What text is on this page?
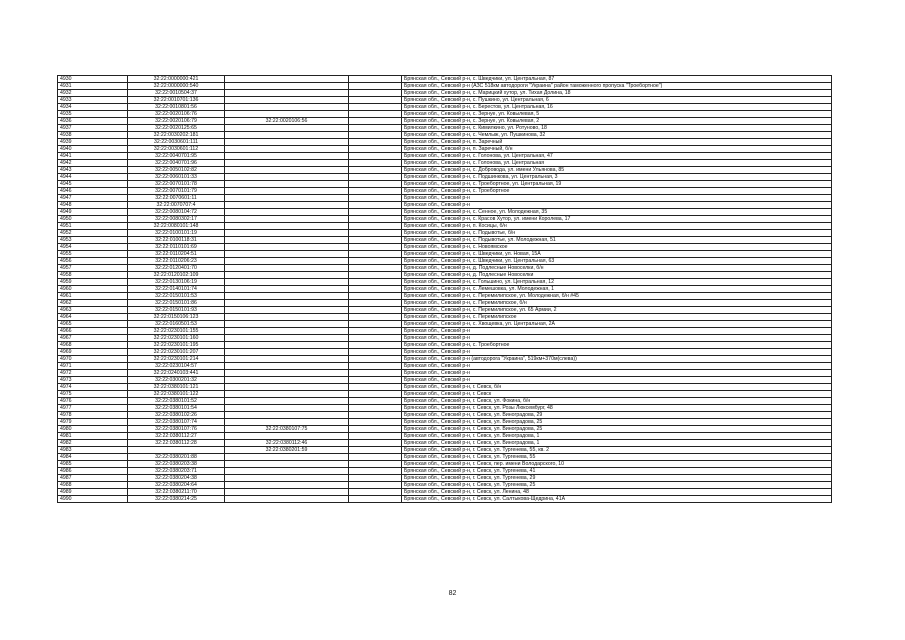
4930	32:22:0000000:421			Брянская обл., Севский р-н, с. Шведчики, ул. Центральная, 87
4931	32:22:0000000:540			Брянская обл., Севский р-н (АЗС 518км автодороги "Украина" район таможенного пропуска "Троебортное")
4932	32:22:0010504:37			Брянская обл., Севский р-н, с. Марицкий хутор, ул. Тихая Долина, 18
4933	32:22:0010701:136			Брянская обл., Севский р-н, с. Пушкино, ул. Центральная, 6
4934	32:22:0010801:56			Брянская обл., Севский р-н, с. Берестов, ул. Центральная, 16
4935	32:22:0020106:76			Брянская обл., Севский р-н, с. Зернуе, ул. Ковылевая, 5
4936	32:22:0020106:79	32:22:0020106:56		Брянская обл., Севский р-н, с. Зернуе, ул. Ковылевая, 2
4937	32:22:0020125:65			Брянская обл., Севский р-н, с. Кимилкино, ул. Ротуново, 18
4938	32:22:0030202:181			Брянская обл., Севский р-н, с. Чемлыж, ул. Пушкинова, 32
4939	32:22:0030601:111			Брянская обл., Севский р-н, п. Заречный
4940	32:22:0030601:112			Брянская обл., Севский р-н, п. Заречный, б/н
4941	32:22:0040701:95			Брянская обл., Севский р-н, с. Голонова, ул. Центральная, 47
4942	32:22:0040701:96			Брянская обл., Севский р-н, с. Голонова, ул. Центральная
4943	32:22:0050102:82			Брянская обл., Севский р-н, с. Добровода, ул. имени Ульянова, 85
4944	32:22:0060101:33			Брянская обл., Севский р-н, с. Подшинкова, ул. Центральная, 3
4945	32:22:0070101:78			Брянская обл., Севский р-н, с. Троебортное, ул. Центральная, 19
4946	32:22:0070101:79			Брянская обл., Севский р-н, с. Троебортное
4947	32:22:0070601:11			Брянская обл., Севский р-н
4948	32:22:0070707:4			Брянская обл., Севский р-н
4949	32:22:0080104:72			Брянская обл., Севский р-н, с. Сенное, ул. Молодежная, 35
4950	32:22:0080302:17			Брянская обл., Севский р-н, с. Красов Хутор, ул. имени Королева, 17
4951	32:22:0080101:148			Брянская обл., Севский р-н, п. Косицы, б/н
4952	32:22:0100101:19			Брянская обл., Севский р-н, с. Подывотье, б/н
4953	32:22:0100118:31			Брянская обл., Севский р-н, с. Подывотье, ул. Молодежная, 51
4954	32:22:0110101:69			Брянская обл., Севский р-н, с. Новоямское
4955	32:22:0110204:51			Брянская обл., Севский р-н, с. Шведчики, ул. Новая, 15А
4956	32:22:0110206:23			Брянская обл., Севский р-н, с. Шведчики, ул. Центральная, 63
4957	32:22:0120401:70			Брянская обл., Севский р-н, д. Подлесные Новоселки, б/н
4958	32:22:0120102:109			Брянская обл., Севский р-н, д. Подлесные Новоселки
4959	32:22:0130106:19			Брянская обл., Севский р-н, с. Гольшино, ул. Центральная, 12
4960	32:22:0140101:74			Брянская обл., Севский р-н, с. Лемешовка, ул. Молодежная, 1
4961	32:22:0150101:53			Брянская обл., Севский р-н, с. Перемилипское, ул. Молодежная, б/н #45
4962	32:22:0150101:86			Брянская обл., Севский р-н, с. Перемилипское, б/н
4963	32:22:0150101:93			Брянская обл., Севский р-н, с. Перемилипское, ул. 65 Армии, 2
4964	32:22:0150106:123			Брянская обл., Севский р-н, с. Перемилипское
4965	32:22:0160501:53			Брянская обл., Севский р-н, с. Хвощевка, ул. Центральная, 2А
4966	32:22:0230101:155			Брянская обл., Севский р-н
4967	32:22:0230101:160			Брянская обл., Севский р-н
4968	32:22:0230101:195			Брянская обл., Севский р-н, с. Троебортное
4969	32:22:0230101:207			Брянская обл., Севский р-н
4970	32:22:0230101:214			Брянская обл., Севский р-н (автодорога "Украина", 519км+370м(слева))
4971	32:22:0230104:57			Брянская обл., Севский р-н
4972	32:22:0240103:441			Брянская обл., Севский р-н
4973	32:22:0300201:32			Брянская обл., Севский р-н
4974	32:22:0380101:121			Брянская обл., Севский р-н, г. Севск, б/н
4975	32:22:0380101:122			Брянская обл., Севский р-н, г. Севск
4976	32:22:0380101:52			Брянская обл., Севский р-н, г. Севск, ул. Фокина, б/н
4977	32:22:0380101:54			Брянская обл., Севский р-н, г. Севск, ул. Розы Люксембург, 48
4978	32:22:0380102:26			Брянская обл., Севский р-н, г. Севск, ул. Виноградова, 29
4979	32:22:0380107:74			Брянская обл., Севский р-н, г. Севск, ул. Виноградова, 25
4980	32:22:0380107:76	32:22:0380107:75		Брянская обл., Севский р-н, г. Севск, ул. Виноградова, 25
4981	32:22:0380112:27			Брянская обл., Севский р-н, г. Севск, ул. Виноградова, 1
4982	32:22:0380112:28	32:22:0380112:46		Брянская обл., Севский р-н, г. Севск, ул. Виноградова, 1
4983		32:22:0380201:59		Брянская обл., Севский р-н, г. Севск, ул. Тургенева, 55, кв. 2
4984	32:22:0380201:88			Брянская обл., Севский р-н, г. Севск, ул. Тургенева, 55
4985	32:22:0380203:38			Брянская обл., Севский р-н, г. Севск, пер. имени Володарского, 10
4986	32:22:0380203:71			Брянская обл., Севский р-н, г. Севск, ул. Тургенева, 41
4987	32:22:0380204:38			Брянская обл., Севский р-н, г. Севск, ул. Тургенева, 29
4988	32:22:0380204:64			Брянская обл., Севский р-н, г. Севск, ул. Тургенева, 25
4989	32:22:0380211:70			Брянская обл., Севский р-н, г. Севск, ул. Ленина, 48
4990	32:22:0380214:25			Брянская обл., Севский р-н, г. Севск, ул. Салтыкова-Щедрина, 41А
82
